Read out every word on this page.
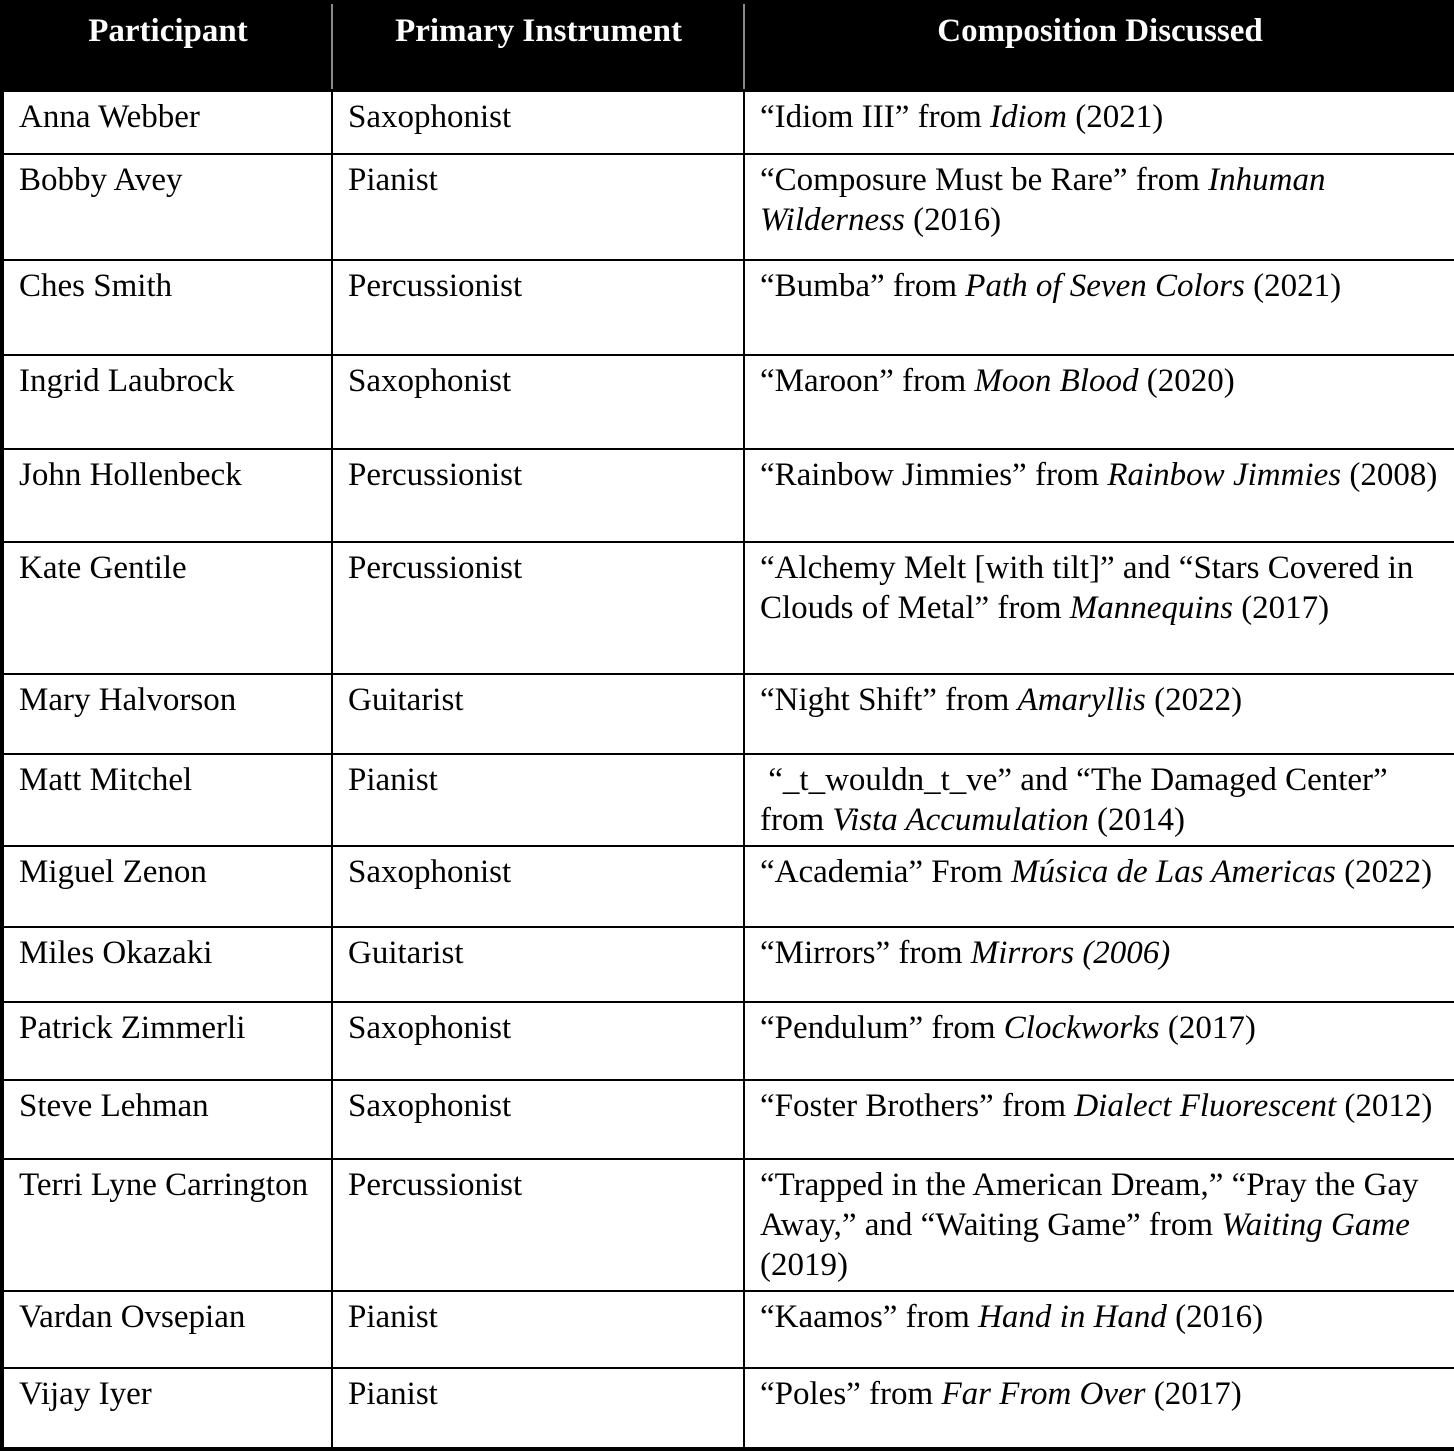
Participant	Primary Instrument	Composition Discussed
Anna Webber	Saxophonist	“Idiom III” from Idiom (2021)
Bobby Avey	Pianist	“Composure Must be Rare” from Inhuman Wilderness (2016)
Ches Smith	Percussionist	“Bumba” from Path of Seven Colors (2021)
Ingrid Laubrock	Saxophonist	“Maroon” from Moon Blood (2020)
John Hollenbeck	Percussionist	“Rainbow Jimmies” from Rainbow Jimmies (2008)
Kate Gentile	Percussionist	“Alchemy Melt [with tilt]” and “Stars Covered in Clouds of Metal” from Mannequins (2017)
Mary Halvorson	Guitarist	“Night Shift” from Amaryllis (2022)
Matt Mitchel	Pianist	“_t_wouldn_t_ve” and “The Damaged Center” from Vista Accumulation (2014)
Miguel Zenon	Saxophonist	“Academia” From Música de Las Americas (2022)
Miles Okazaki	Guitarist	“Mirrors” from Mirrors (2006)
Patrick Zimmerli	Saxophonist	“Pendulum” from Clockworks (2017)
Steve Lehman	Saxophonist	“Foster Brothers” from Dialect Fluorescent (2012)
Terri Lyne Carrington	Percussionist	“Trapped in the American Dream,” “Pray the Gay Away,” and “Waiting Game” from Waiting Game (2019)
Vardan Ovsepian	Pianist	“Kaamos” from Hand in Hand (2016)
Vijay Iyer	Pianist	“Poles” from Far From Over (2017)
